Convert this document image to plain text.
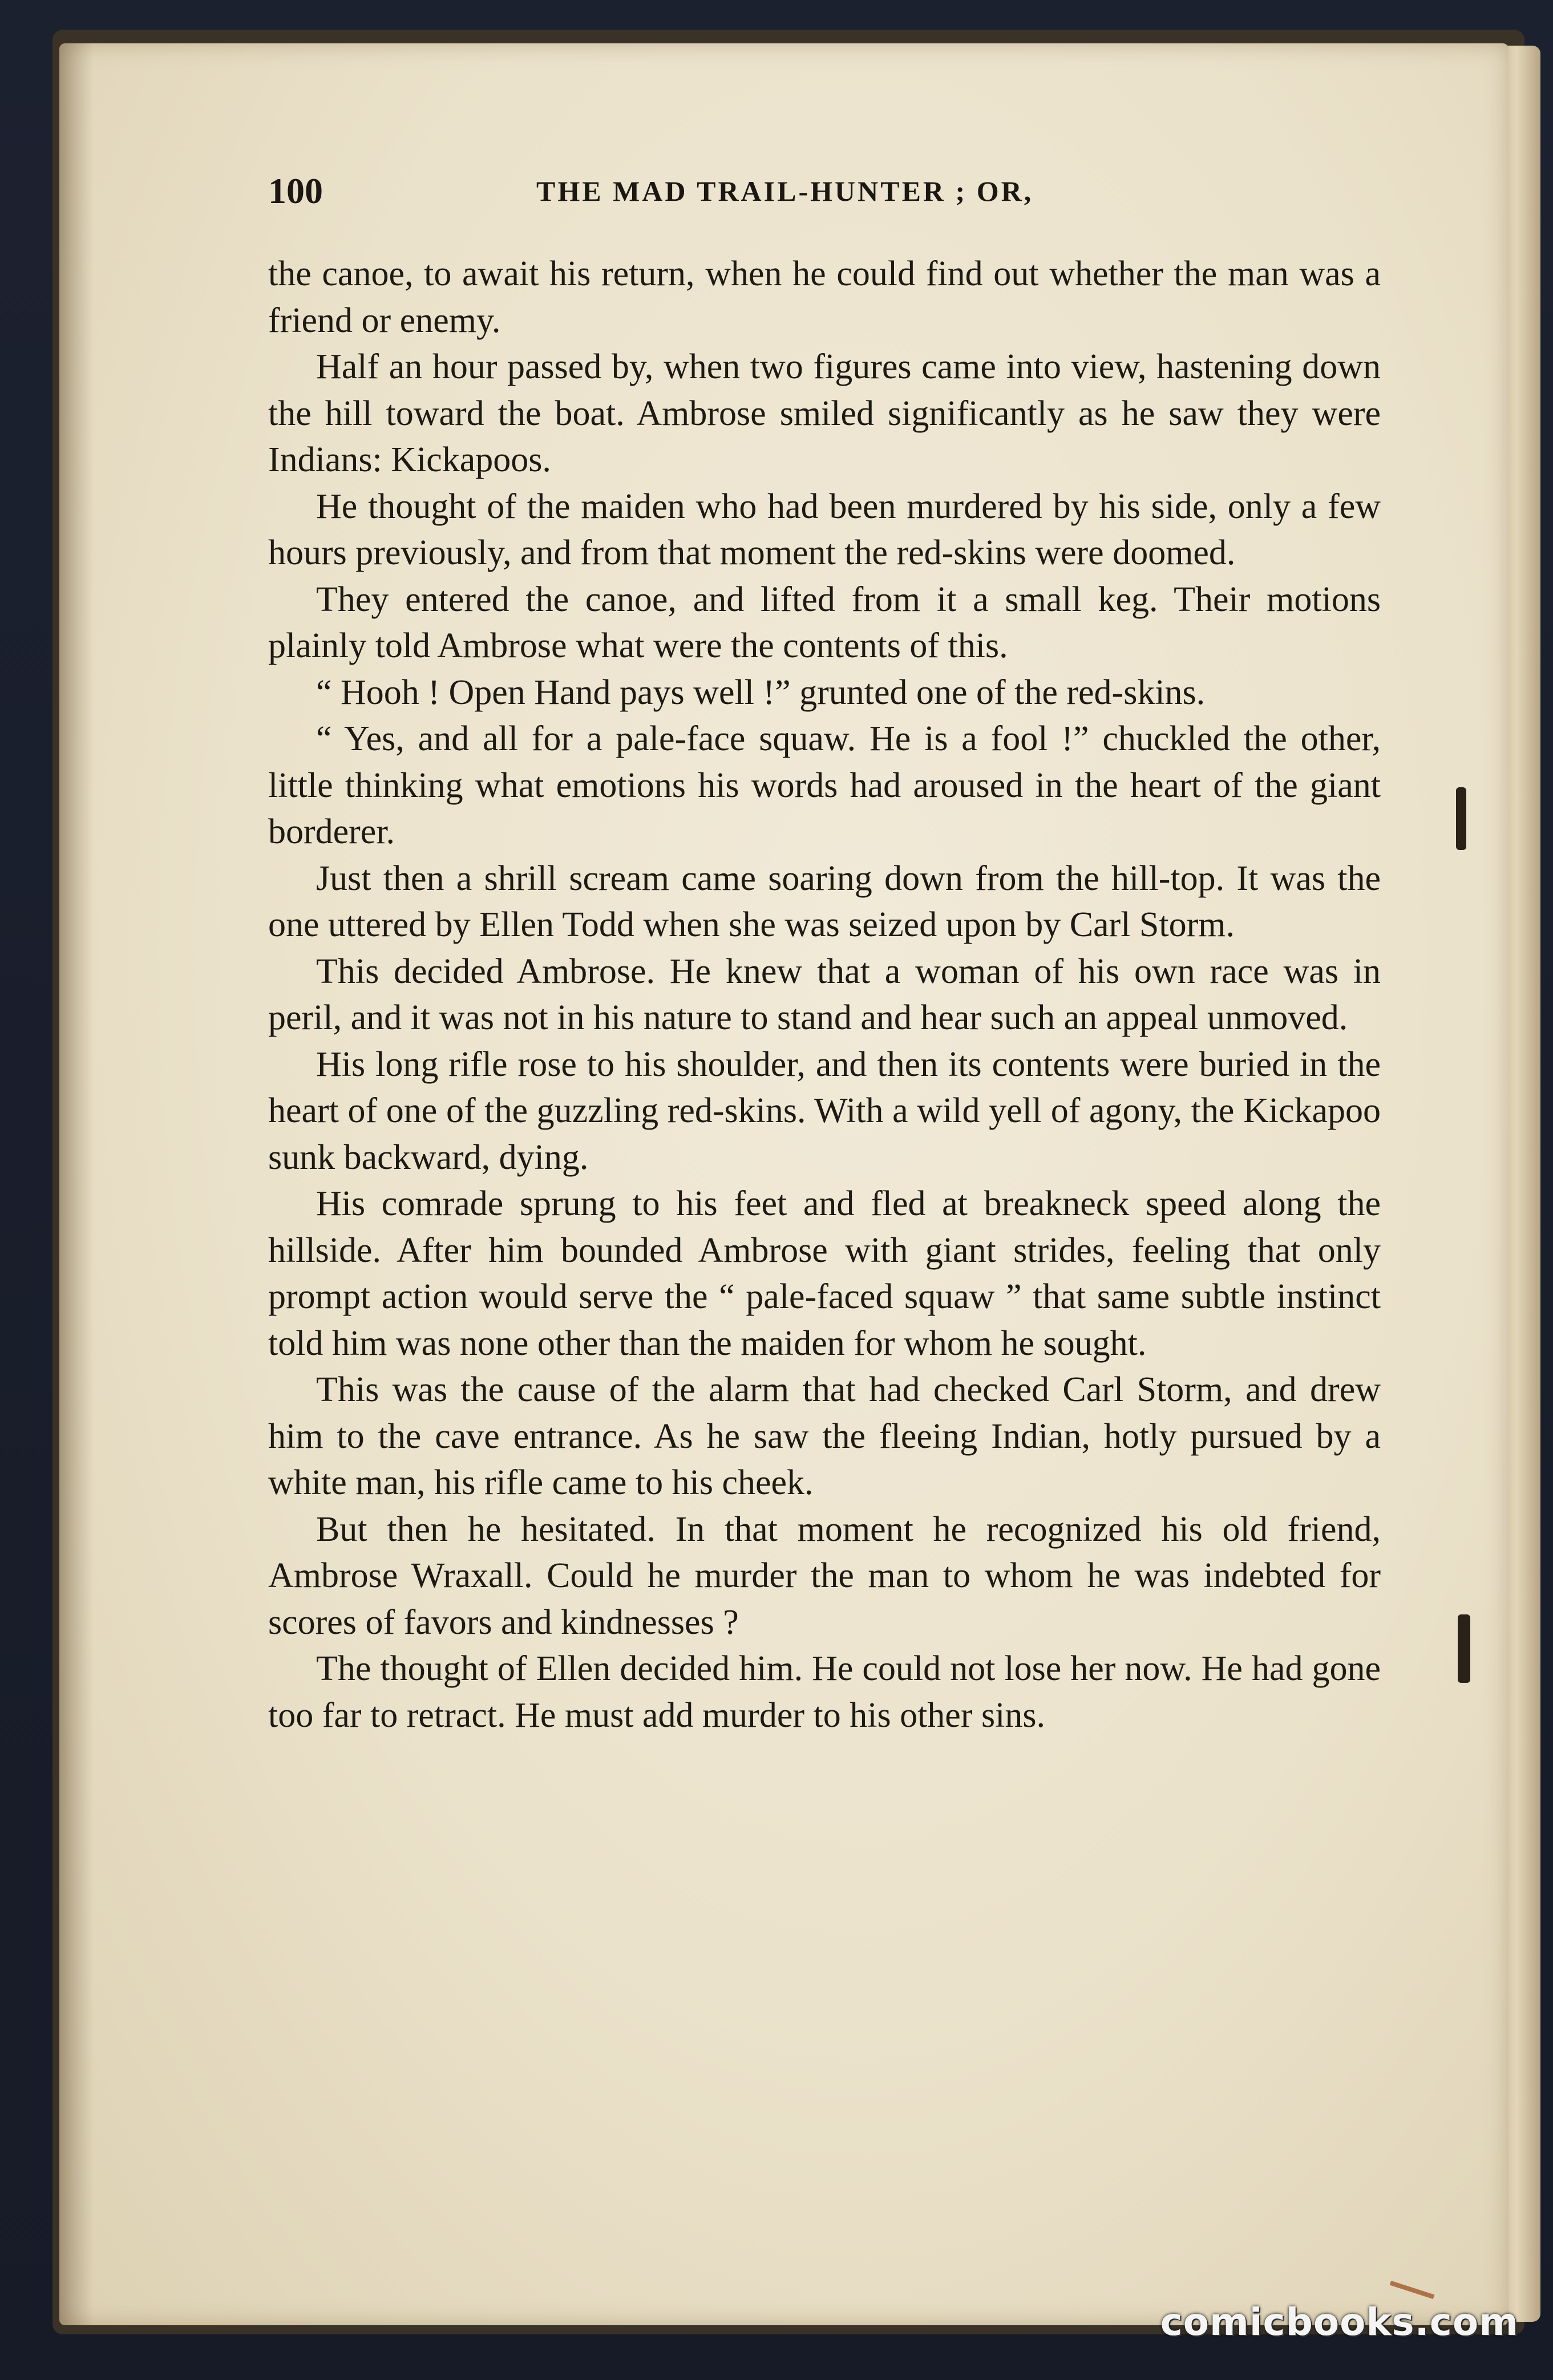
100	THE MAD TRAIL-HUNTER ; OR,

the canoe, to await his return, when he could find out whether the man was a friend or enemy.

Half an hour passed by, when two figures came into view, hastening down the hill toward the boat. Ambrose smiled significantly as he saw they were Indians: Kickapoos.

He thought of the maiden who had been murdered by his side, only a few hours previously, and from that moment the red-skins were doomed.

They entered the canoe, and lifted from it a small keg. Their motions plainly told Ambrose what were the contents of this.

“ Hooh ! Open Hand pays well !” grunted one of the red-skins.

“ Yes, and all for a pale-face squaw. He is a fool !” chuckled the other, little thinking what emotions his words had aroused in the heart of the giant borderer.

Just then a shrill scream came soaring down from the hill-top. It was the one uttered by Ellen Todd when she was seized upon by Carl Storm.

This decided Ambrose. He knew that a woman of his own race was in peril, and it was not in his nature to stand and hear such an appeal unmoved.

His long rifle rose to his shoulder, and then its contents were buried in the heart of one of the guzzling red-skins. With a wild yell of agony, the Kickapoo sunk backward, dying.

His comrade sprung to his feet and fled at breakneck speed along the hillside. After him bounded Ambrose with giant strides, feeling that only prompt action would serve the “ pale-faced squaw ” that same subtle instinct told him was none other than the maiden for whom he sought.

This was the cause of the alarm that had checked Carl Storm, and drew him to the cave entrance. As he saw the fleeing Indian, hotly pursued by a white man, his rifle came to his cheek.

But then he hesitated. In that moment he recognized his old friend, Ambrose Wraxall. Could he murder the man to whom he was indebted for scores of favors and kindnesses ?

The thought of Ellen decided him. He could not lose her now. He had gone too far to retract. He must add murder to his other sins.

comicbooks.com
